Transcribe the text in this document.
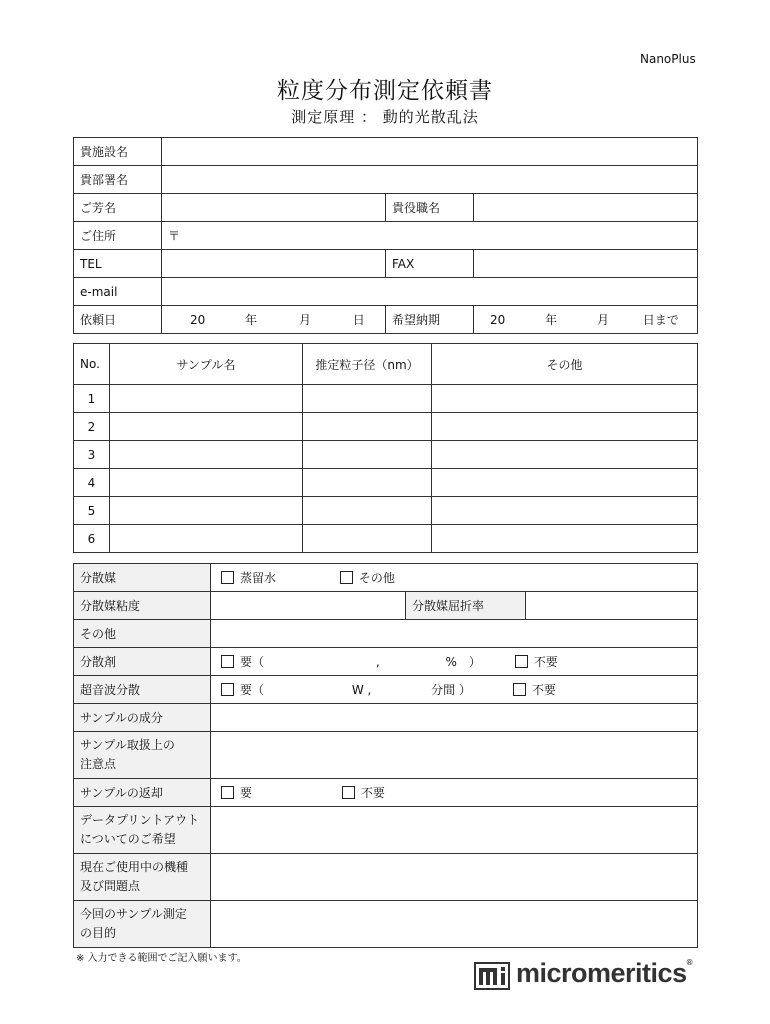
NanoPlus
粒度分布測定依頼書
測定原理 ： 動的光散乱法
貴施設名			
貴部署名			
ご芳名		貴役職名	
ご住所	〒		
TEL		FAX	
e-mail			
依頼日	20 年 月 日	希望納期	20 年 月 日まで
No.	サンプル名	推定粒子径（nm）	その他
1			
2			
3			
4			
5			
6			
分散媒	蒸留水 その他		
分散媒粘度		分散媒屈折率	
その他			
分散剤	要（ , %　） 不要		
超音波分散	要（ W , 分間 ） 不要		
サンプルの成分			
サンプル取扱上の
注意点			
サンプルの返却	要 不要		
データプリントアウト
についてのご希望			
現在ご使用中の機種
及び問題点			
今回のサンプル測定
の目的			
※ 入力できる範囲でご記入願います。	micromeritics®
